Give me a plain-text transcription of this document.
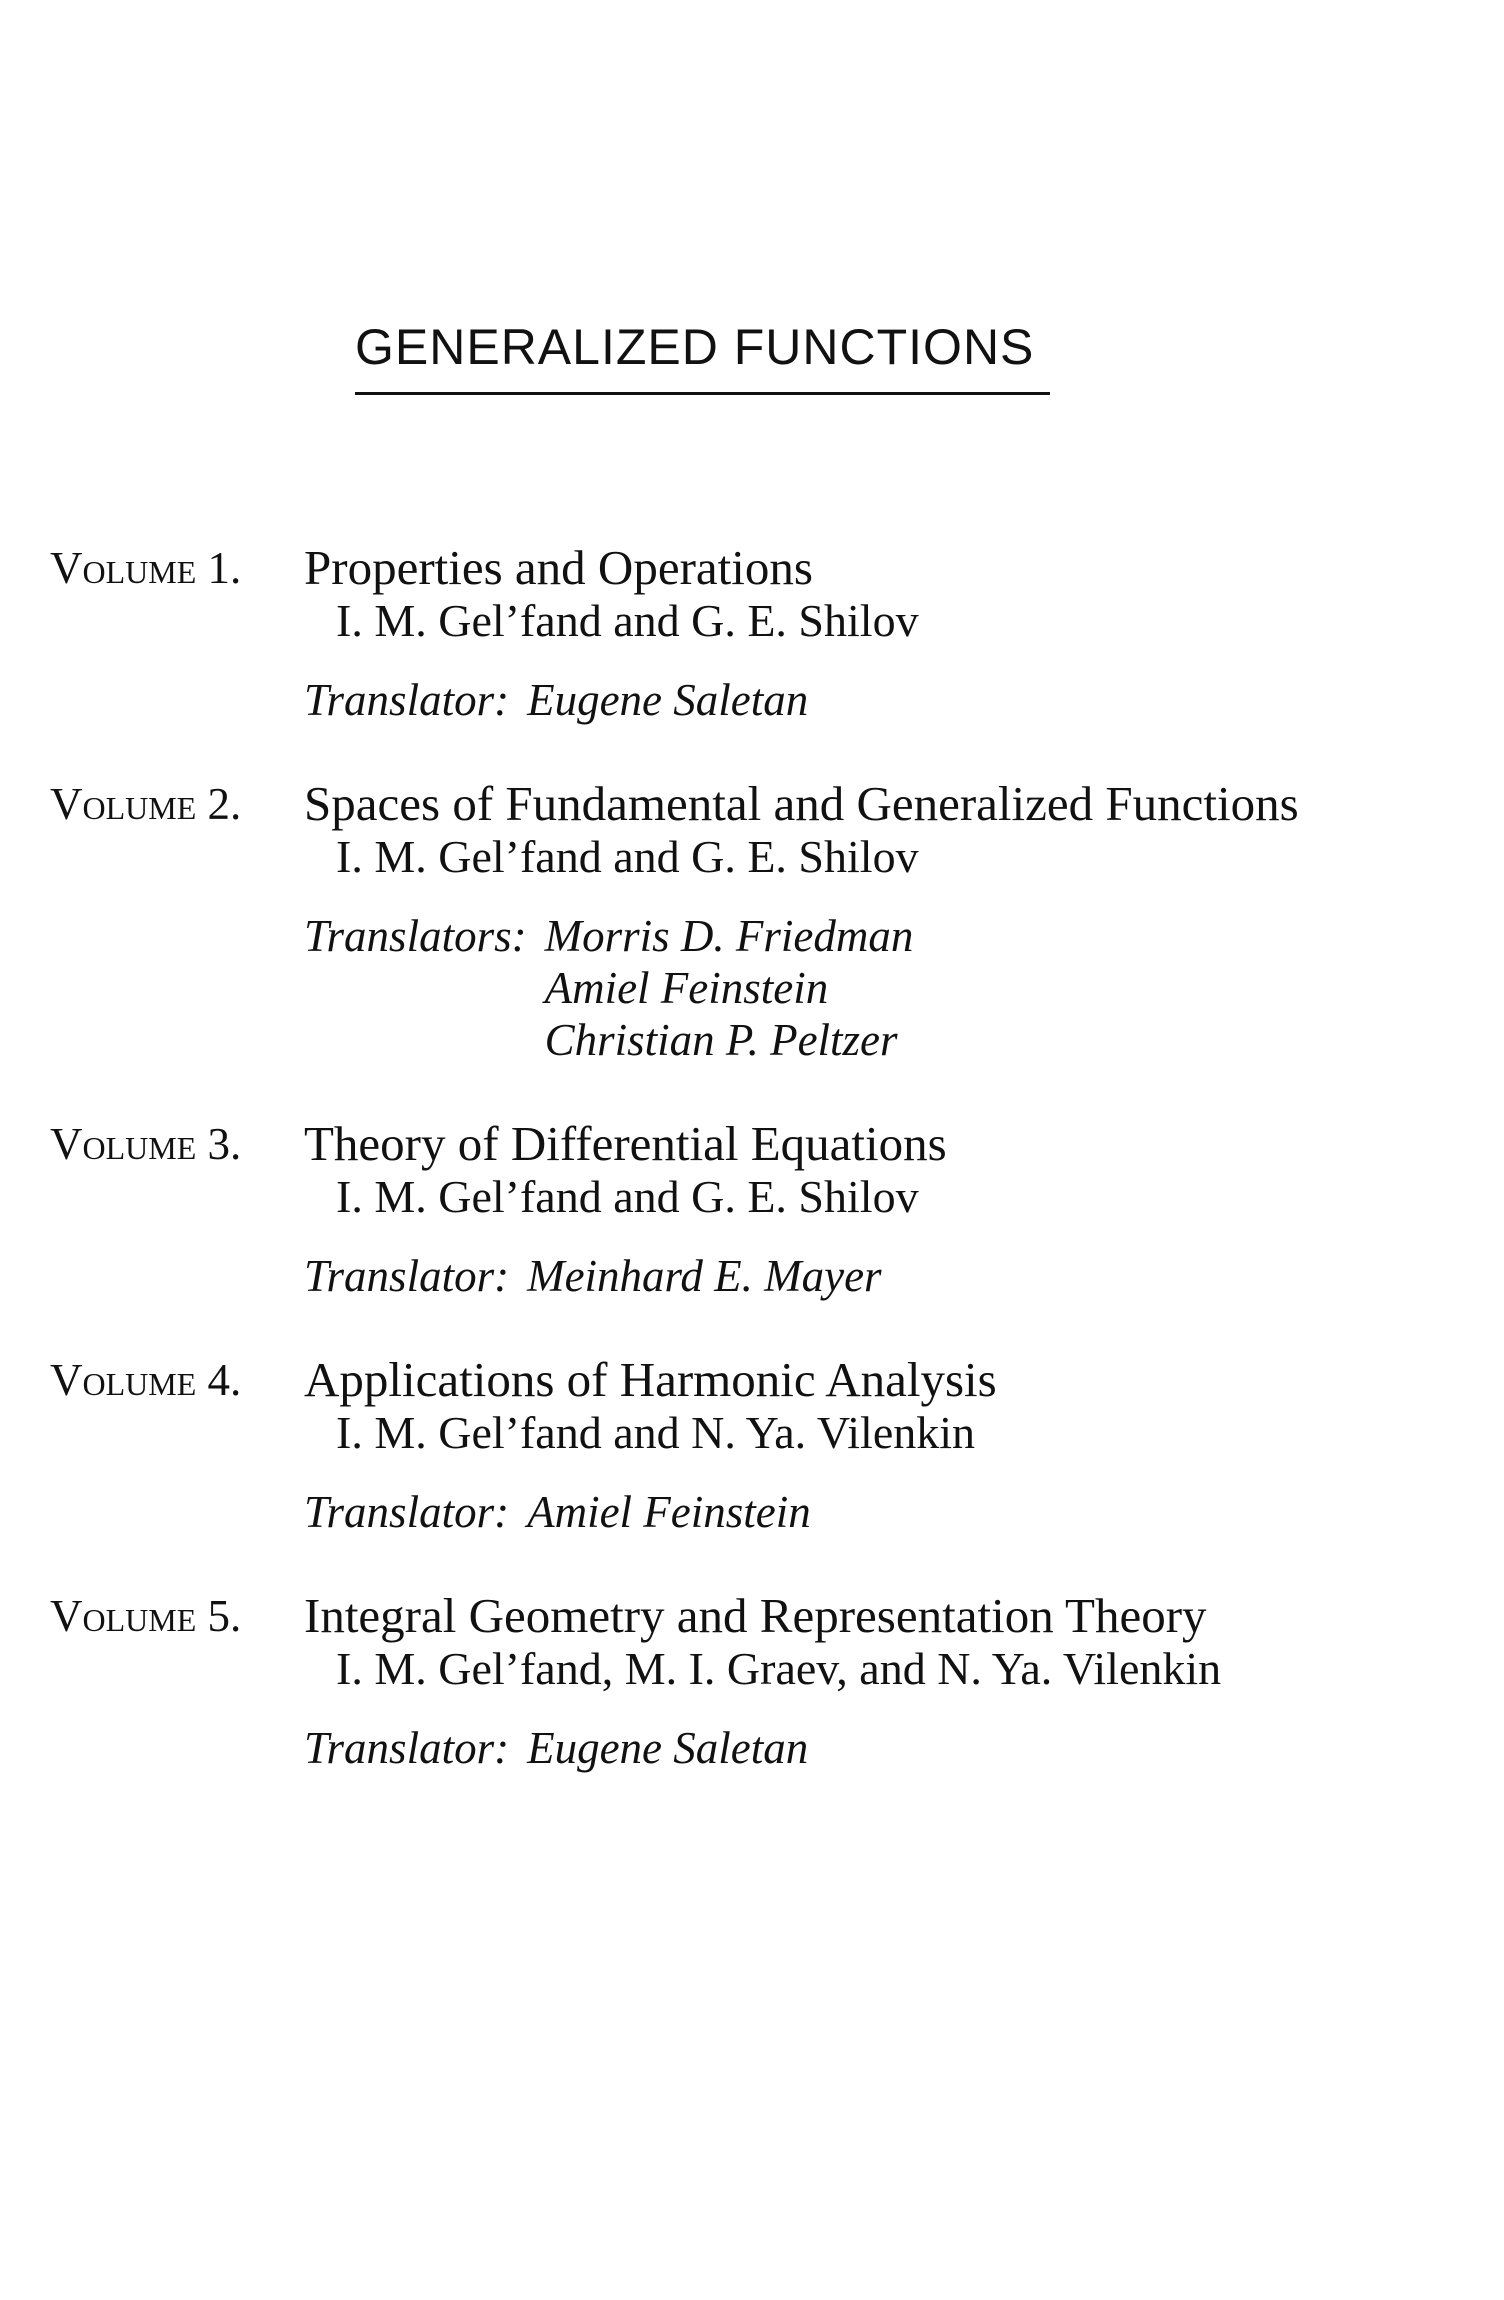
GENERALIZED FUNCTIONS
Volume 1. Properties and Operations
I. M. Gel’fand and G. E. Shilov
Translator: Eugene Saletan
Volume 2. Spaces of Fundamental and Generalized Functions
I. M. Gel’fand and G. E. Shilov
Translators: Morris D. Friedman
Amiel Feinstein
Christian P. Peltzer
Volume 3. Theory of Differential Equations
I. M. Gel’fand and G. E. Shilov
Translator: Meinhard E. Mayer
Volume 4. Applications of Harmonic Analysis
I. M. Gel’fand and N. Ya. Vilenkin
Translator: Amiel Feinstein
Volume 5. Integral Geometry and Representation Theory
I. M. Gel’fand, M. I. Graev, and N. Ya. Vilenkin
Translator: Eugene Saletan
